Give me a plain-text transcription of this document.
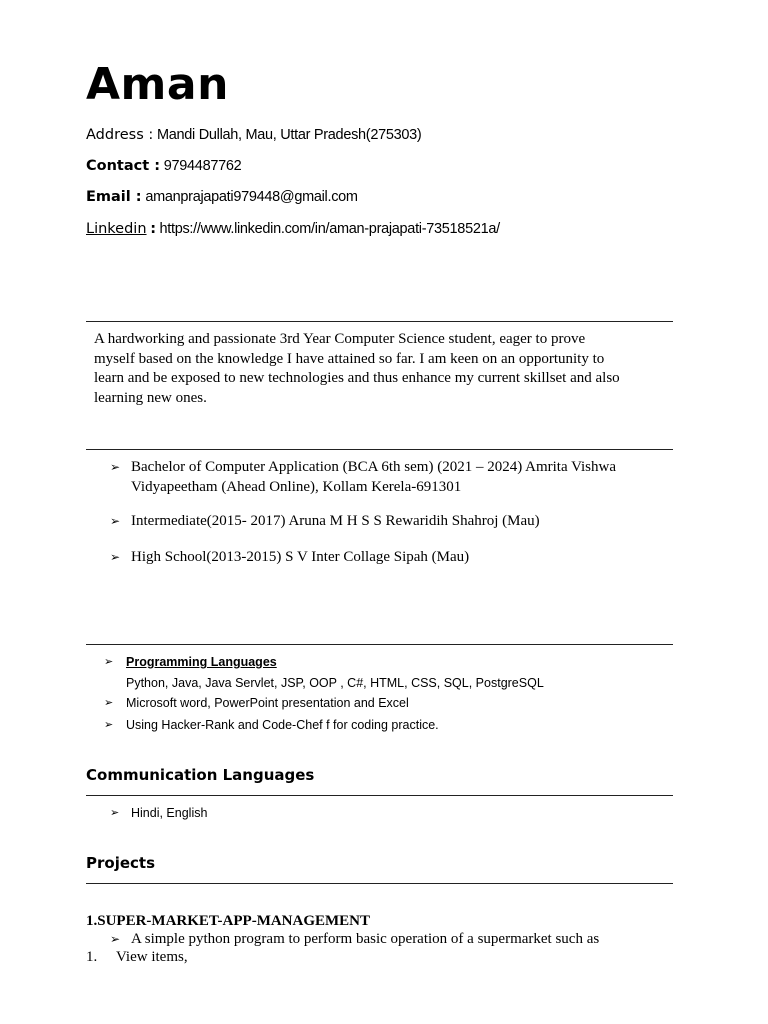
Aman
Address : Mandi Dullah, Mau, Uttar Pradesh(275303)
Contact : 9794487762
Email : amanprajapati979448@gmail.com
Linkedin : https://www.linkedin.com/in/aman-prajapati-73518521a/
A hardworking and passionate 3rd Year Computer Science student, eager to prove myself based on the knowledge I have attained so far. I am keen on an opportunity to learn and be exposed to new technologies and thus enhance my current skillset and also learning new ones.
➢ Bachelor of Computer Application (BCA 6th sem) (2021 – 2024) Amrita Vishwa Vidyapeetham (Ahead Online), Kollam Kerela-691301
➢ Intermediate(2015- 2017) Aruna M H S S Rewaridih Shahroj (Mau)
➢ High School(2013-2015) S V Inter Collage Sipah (Mau)
➢ Programming Languages
Python, Java, Java Servlet, JSP, OOP , C#, HTML, CSS, SQL, PostgreSQL
➢ Microsoft word, PowerPoint presentation and Excel
➢ Using Hacker-Rank and Code-Chef f for coding practice.
Communication Languages
➢ Hindi, English
Projects
1.SUPER-MARKET-APP-MANAGEMENT
➢ A simple python program to perform basic operation of a supermarket such as
1. View items,
